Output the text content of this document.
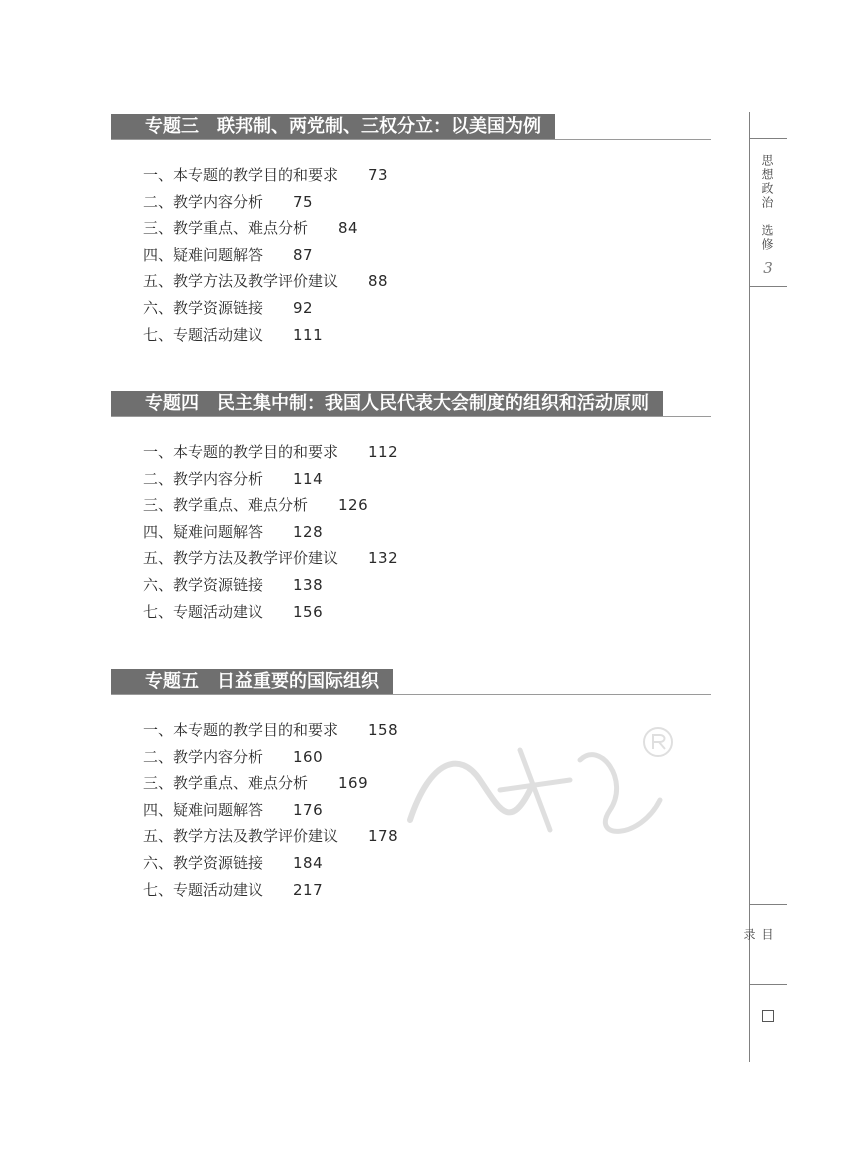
专题三 联邦制、两党制、三权分立：以美国为例
一、本专题的教学目的和要求 73
二、教学内容分析 75
三、教学重点、难点分析 84
四、疑难问题解答 87
五、教学方法及教学评价建议 88
六、教学资源链接 92
七、专题活动建议 111
专题四 民主集中制：我国人民代表大会制度的组织和活动原则
一、本专题的教学目的和要求 112
二、教学内容分析 114
三、教学重点、难点分析 126
四、疑难问题解答 128
五、教学方法及教学评价建议 132
六、教学资源链接 138
七、专题活动建议 156
专题五 日益重要的国际组织
一、本专题的教学目的和要求 158
二、教学内容分析 160
三、教学重点、难点分析 169
四、疑难问题解答 176
五、教学方法及教学评价建议 178
六、教学资源链接 184
七、专题活动建议 217
思想政治
选修
3
目录
